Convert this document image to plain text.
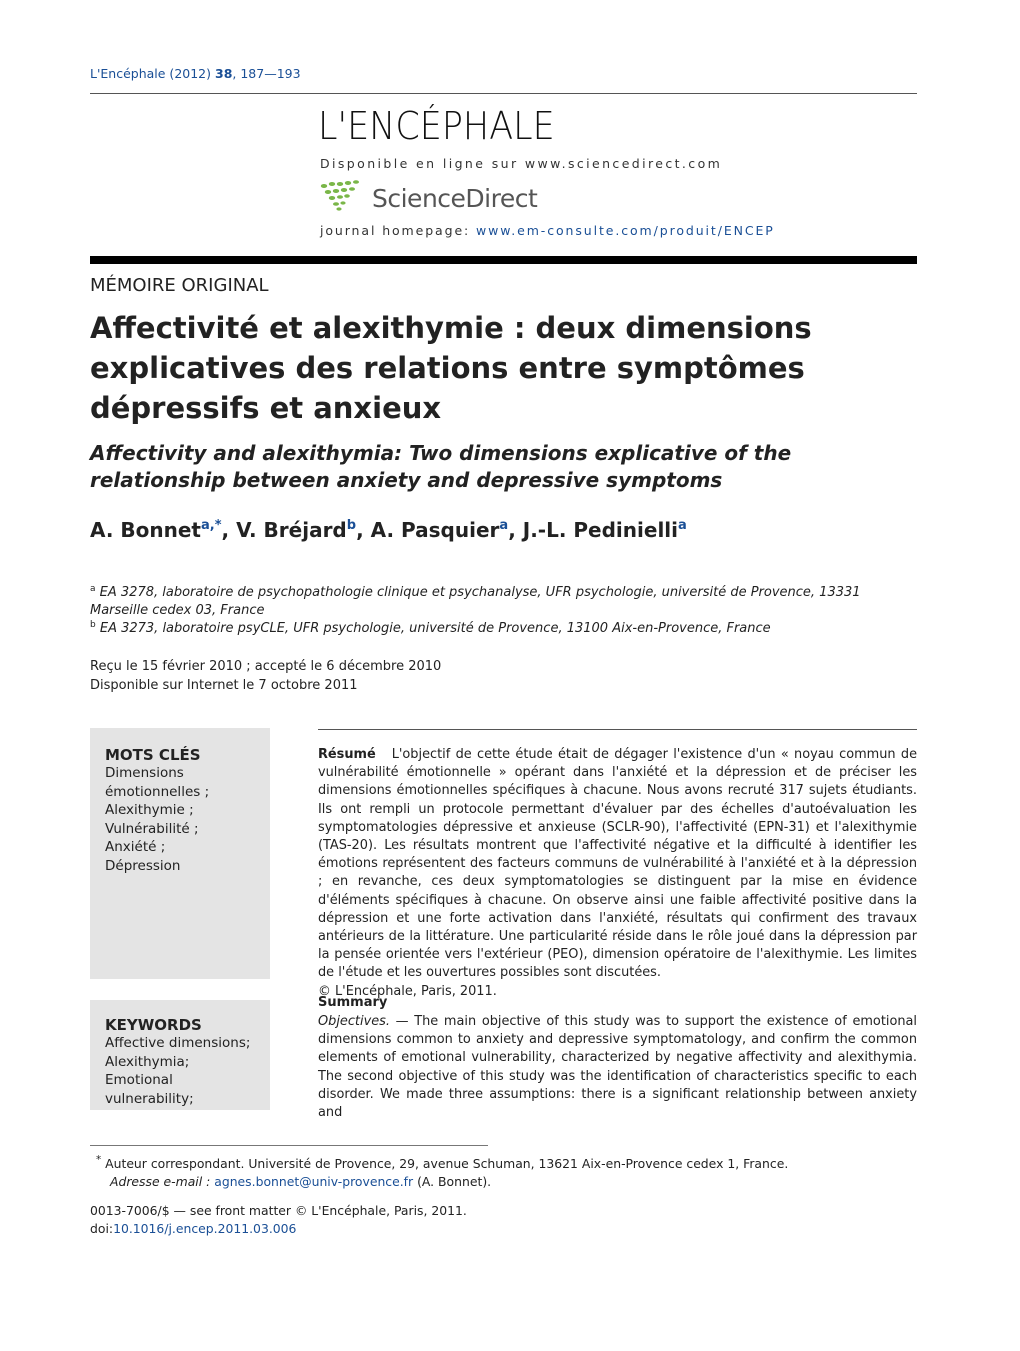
L'Encéphale (2012) 38, 187—193
L'ENCÉPHALE
Disponible en ligne sur www.sciencedirect.com
ScienceDirect
journal homepage: www.em-consulte.com/produit/ENCEP
MÉMOIRE ORIGINAL
Affectivité et alexithymie : deux dimensions explicatives des relations entre symptômes dépressifs et anxieux
Affectivity and alexithymia: Two dimensions explicative of the relationship between anxiety and depressive symptoms
A. Bonnet$^{a,*}$, V. Bréjard$^b$, A. Pasquier$^a$, J.-L. Pedinielli$^a$
$^a$ EA 3278, laboratoire de psychopathologie clinique et psychanalyse, UFR psychologie, université de Provence, 13331 Marseille cedex 03, France
$^b$ EA 3273, laboratoire psyCLE, UFR psychologie, université de Provence, 13100 Aix-en-Provence, France
Reçu le 15 février 2010 ; accepté le 6 décembre 2010
Disponible sur Internet le 7 octobre 2011
MOTS CLÉS
Dimensions émotionnelles ;
Alexithymie ;
Vulnérabilité ;
Anxiété ;
Dépression
KEYWORDS
Affective dimensions;
Alexithymia;
Emotional vulnerability;
Résumé L'objectif de cette étude était de dégager l'existence d'un « noyau commun de vulnérabilité émotionnelle » opérant dans l'anxiété et la dépression et de préciser les dimensions émotionnelles spécifiques à chacune. Nous avons recruté 317 sujets étudiants. Ils ont rempli un protocole permettant d'évaluer par des échelles d'autoévaluation les symptomatologies dépressive et anxieuse (SCLR-90), l'affectivité (EPN-31) et l'alexithymie (TAS-20). Les résultats montrent que l'affectivité négative et la difficulté à identifier les émotions représentent des facteurs communs de vulnérabilité à l'anxiété et à la dépression ; en revanche, ces deux symptomatologies se distinguent par la mise en évidence d'éléments spécifiques à chacune. On observe ainsi une faible affectivité positive dans la dépression et une forte activation dans l'anxiété, résultats qui confirment des travaux antérieurs de la littérature. Une particularité réside dans le rôle joué dans la dépression par la pensée orientée vers l'extérieur (PEO), dimension opératoire de l'alexithymie. Les limites de l'étude et les ouvertures possibles sont discutées.
© L'Encéphale, Paris, 2011.
Summary
Objectives. — The main objective of this study was to support the existence of emotional dimensions common to anxiety and depressive symptomatology, and confirm the common elements of emotional vulnerability, characterized by negative affectivity and alexithymia. The second objective of this study was the identification of characteristics specific to each disorder. We made three assumptions: there is a significant relationship between anxiety and
* Auteur correspondant. Université de Provence, 29, avenue Schuman, 13621 Aix-en-Provence cedex 1, France.
Adresse e-mail : agnes.bonnet@univ-provence.fr (A. Bonnet).
0013-7006/$ — see front matter © L'Encéphale, Paris, 2011.
doi:10.1016/j.encep.2011.03.006
